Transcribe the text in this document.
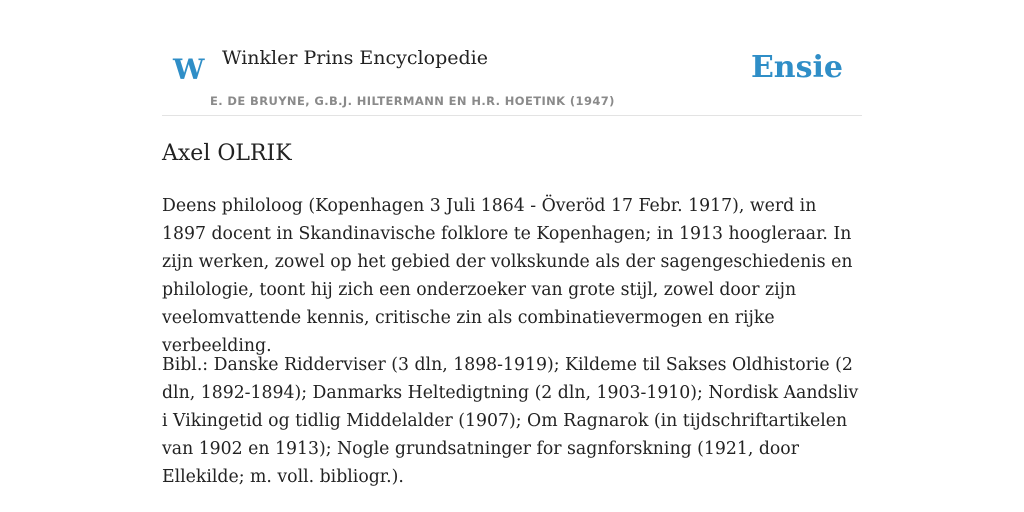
W Winkler Prins Encyclopedie
E. DE BRUYNE, G.B.J. HILTERMANN EN H.R. HOETINK (1947)
Ensie
Axel OLRIK

Deens philoloog (Kopenhagen 3 Juli 1864 - Överöd 17 Febr. 1917), werd in 1897 docent in Skandinavische folklore te Kopenhagen; in 1913 hoogleraar. In zijn werken, zowel op het gebied der volkskunde als der sagengeschiedenis en philologie, toont hij zich een onderzoeker van grote stijl, zowel door zijn veelomvattende kennis, critische zin als combinatievermogen en rijke verbeelding.

Bibl.: Danske Ridderviser (3 dln, 1898-1919); Kildeme til Sakses Oldhistorie (2 dln, 1892-1894); Danmarks Heltedigtning (2 dln, 1903-1910); Nordisk Aandsliv i Vikingetid og tidlig Middelalder (1907); Om Ragnarok (in tijdschriftartikelen van 1902 en 1913); Nogle grundsatninger for sagnforskning (1921, door Ellekilde; m. voll. bibliogr.).
